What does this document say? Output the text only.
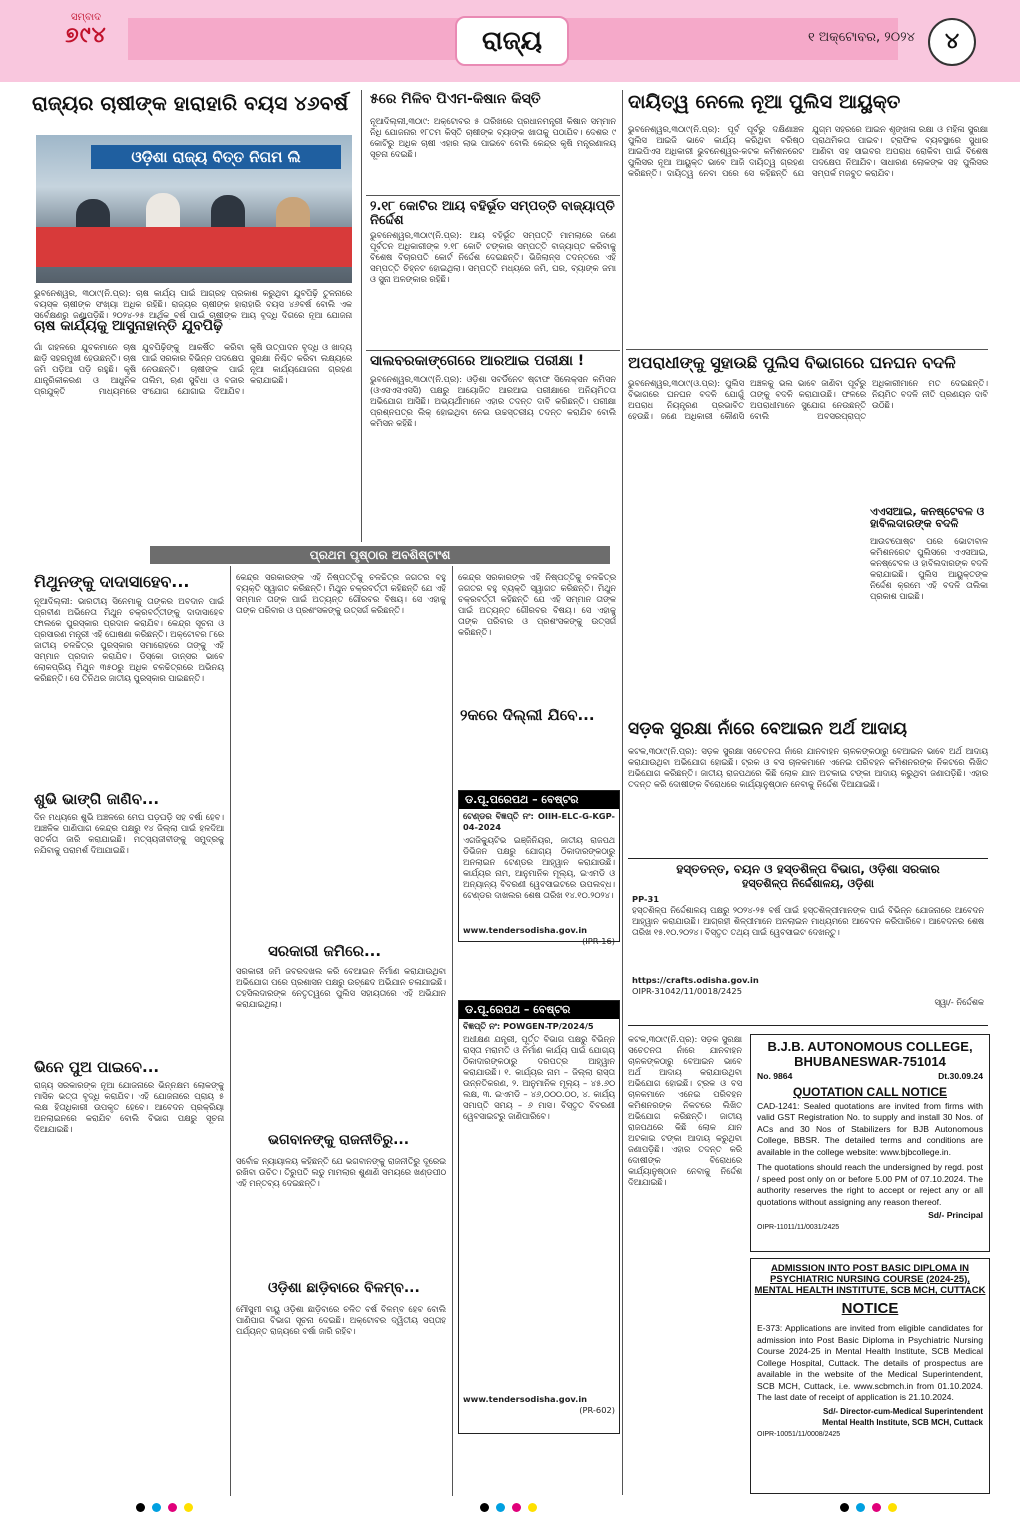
ସମ୍ବାଦ
୭୯୪	ରାଜ୍ୟ	୧ ଅକ୍ଟୋବର, ୨୦୨୪	୪
ରାଜ୍ୟର ଚାଷୀଙ୍କ ହାରାହାରି ବୟସ ୪୬ବର୍ଷ
ଓଡ଼ିଶା ରାଜ୍ୟ ବିତ୍ତ ନିଗମ ଲି
ଭୁବନେଶ୍ୱର, ୩୦ା୯(ନି.ପ୍ର): ଚାଷ କାର୍ଯ୍ୟ ପାଇଁ ଆଗ୍ରହ ପ୍ରକାଶ କରୁଥିବା ଯୁବପିଢ଼ି ତୁଳନାରେ ବୟସ୍କ ଚାଷୀଙ୍କ ସଂଖ୍ୟା ଅଧିକ ରହିଛି। ରାଜ୍ୟର ଚାଷୀଙ୍କ ହାରାହାରି ବୟସ ୪୬ବର୍ଷ ବୋଲି ଏକ ସର୍ବେକ୍ଷଣରୁ ଜଣାପଡ଼ିଛି। ୨୦୨୪-୨୫ ଆର୍ଥିକ ବର୍ଷ ପାଇଁ ଚାଷୀଙ୍କ ଆୟ ବୃଦ୍ଧି ଦିଗରେ ନୂଆ ଯୋଜନା
ଚାଷ କାର୍ଯ୍ୟକୁ ଆସୁନାହାନ୍ତି ଯୁବପିଢ଼ି
ଗାଁ ଗହଳରେ ଯୁବକମାନେ ଚାଷ ଛାଡ଼ି ସହରମୁଖୀ ହେଉଛନ୍ତି। ଚାଷ ଜମି ପଡ଼ିଆ ପଡ଼ି ରହୁଛି। କୃଷି ଯାନ୍ତ୍ରିକୀକରଣ ଓ ଆଧୁନିକ ପ୍ରଯୁକ୍ତି ମାଧ୍ୟମରେ ଯୁବପିଢ଼ିଙ୍କୁ ଆକର୍ଷିତ କରିବା ପାଇଁ ସରକାର ବିଭିନ୍ନ ପଦକ୍ଷେପ ନେଉଛନ୍ତି। ଚାଷୀଙ୍କ ପାଇଁ ତାଲିମ, ଋଣ ସୁବିଧା ଓ ବଜାର ସଂଯୋଗ ଯୋଗାଇ ଦିଆଯିବ। କୃଷି ଉତ୍ପାଦନ ବୃଦ୍ଧି ଓ ଖାଦ୍ୟ ସୁରକ୍ଷା ନିଶ୍ଚିତ କରିବା ଲକ୍ଷ୍ୟରେ ନୂଆ କାର୍ଯ୍ୟଯୋଜନା ଗ୍ରହଣ କରାଯାଇଛି।
୫ରେ ମିଳିବ ପିଏମ-କିଷାନ କିସ୍ତି
ନୂଆଦିଲ୍ଲୀ,୩୦ା୯: ଅକ୍ଟୋବର ୫ ତାରିଖରେ ପ୍ରଧାନମନ୍ତ୍ରୀ କିଷାନ ସମ୍ମାନ ନିଧି ଯୋଜନାର ୧୮ତମ କିସ୍ତି ଚାଷୀଙ୍କ ବ୍ୟାଙ୍କ ଖାତାକୁ ପଠାଯିବ। ଦେଶର ୯ କୋଟିରୁ ଅଧିକ ଚାଷୀ ଏହାର ଲାଭ ପାଇବେ ବୋଲି କେନ୍ଦ୍ର କୃଷି ମନ୍ତ୍ରଣାଳୟ ସୂଚନା ଦେଇଛି।
୨.୧୮ କୋଟିର ଆୟ ବହିର୍ଭୂତ ସମ୍ପତ୍ତି ବାଜ୍ୟାପ୍ତି ନିର୍ଦ୍ଦେଶ
ଭୁବନେଶ୍ୱର,୩୦ା୯(ନି.ପ୍ର): ଆୟ ବହିର୍ଭୂତ ସମ୍ପତ୍ତି ମାମଲାରେ ଜଣେ ପୂର୍ବତନ ଅଧିକାରୀଙ୍କ ୨.୧୮ କୋଟି ଟଙ୍କାର ସମ୍ପତ୍ତି ବାଜ୍ୟାପ୍ତ କରିବାକୁ ବିଶେଷ ବିଚାରପତି କୋର୍ଟ ନିର୍ଦ୍ଦେଶ ଦେଇଛନ୍ତି। ଭିଜିଲାନ୍ସ ତଦନ୍ତରେ ଏହି ସମ୍ପତ୍ତି ଚିହ୍ନଟ ହୋଇଥିଲା। ସମ୍ପତ୍ତି ମଧ୍ୟରେ ଜମି, ଘର, ବ୍ୟାଙ୍କ ଜମା ଓ ସୁନା ଅଳଙ୍କାର ରହିଛି।
ସାଲବରକାଙ୍ଗେରେ ଆରଆଇ ପରୀକ୍ଷା !
ଭୁବନେଶ୍ୱର,୩୦ା୯(ନି.ପ୍ର): ଓଡ଼ିଶା ସବର୍ଡିନେଟ ଷ୍ଟାଫ ସିଲେକ୍ସନ କମିସନ (ଓଏସଏସଏସସି) ପକ୍ଷରୁ ଆୟୋଜିତ ଆରଆଇ ପରୀକ୍ଷାରେ ଅନିୟମିତତା ଅଭିଯୋଗ ଆସିଛି। ଅଭ୍ୟର୍ଥୀମାନେ ଏହାର ତଦନ୍ତ ଦାବି କରିଛନ୍ତି। ପରୀକ୍ଷା ପ୍ରଶ୍ନପତ୍ର ଲିକ୍ ହୋଇଥିବା ନେଇ ଉଚ୍ଚସ୍ତରୀୟ ତଦନ୍ତ କରାଯିବ ବୋଲି କମିସନ କହିଛି।
ଦାୟିତ୍ୱ ନେଲେ ନୂଆ ପୁଲିସ ଆୟୁକ୍ତ
ଭୁବନେଶ୍ୱର,୩୦ା୯(ନି.ପ୍ର): ପୂର୍ବ ପୂର୍ବରୁ ଦକ୍ଷିଣାଞ୍ଚଳ ପୁଲିସ ଆଇଜି ଭାବେ କାର୍ଯ୍ୟ କରିଥିବା ବରିଷ୍ଠ ଆଇପିଏସ ଅଧିକାରୀ ଭୁବନେଶ୍ୱର-କଟକ କମିଶନରେଟ ପୁଲିସର ନୂଆ ଆୟୁକ୍ତ ଭାବେ ଆଜି ଦାୟିତ୍ୱ ଗ୍ରହଣ କରିଛନ୍ତି। ଦାୟିତ୍ୱ ନେବା ପରେ ସେ କହିଛନ୍ତି ଯେ ଯୁଗ୍ମ ସହରରେ ଆଇନ ଶୃଙ୍ଖଳା ରକ୍ଷା ଓ ମହିଳା ସୁରକ୍ଷା ପ୍ରାଥମିକତା ପାଇବ। ଟ୍ରାଫିକ ବ୍ୟବସ୍ଥାରେ ସୁଧାର ଆଣିବା ସହ ସାଇବର ଅପରାଧ ରୋକିବା ପାଇଁ ବିଶେଷ ପଦକ୍ଷେପ ନିଆଯିବ। ସାଧାରଣ ଲୋକଙ୍କ ସହ ପୁଲିସର ସମ୍ପର୍କ ମଜବୁତ କରାଯିବ।
ଅପରାଧୀଙ୍କୁ ସୁହାଉଛି ପୁଲିସ ବିଭାଗରେ ଘନଘନ ବଦଳି
ଭୁବନେଶ୍ୱର,୩୦ା୯(ଓ.ପ୍ର): ପୁଲିସ ବିଭାଗରେ ଘନଘନ ବଦଳି ଯୋଗୁଁ ଅପରାଧ ନିୟନ୍ତ୍ରଣ ପ୍ରଭାବିତ ହେଉଛି। ଜଣେ ଅଧିକାରୀ କୌଣସି ଅଞ୍ଚଳକୁ ଭଲ ଭାବେ ଜାଣିବା ପୂର୍ବରୁ ତାଙ୍କୁ ବଦଳି କରାଯାଉଛି। ଫଳରେ ଅପରାଧୀମାନେ ସୁଯୋଗ ନେଉଛନ୍ତି ବୋଲି ଅବସରପ୍ରାପ୍ତ ଅଧିକାରୀମାନେ ମତ ଦେଇଛନ୍ତି। ନିୟମିତ ବଦଳି ନୀତି ପ୍ରଣୟନ ଦାବି ଉଠିଛି।
ଏଏସଆଇ, କନଷ୍ଟେବଳ ଓ ହାବିଲଦାରଙ୍କ ବଦଳି
ଆଉଟପୋଷ୍ଟ ପରେ ଭୋଟାବାଳ କମିଶନରେଟ ପୁଲିସରେ ଏଏସଆଇ, କନଷ୍ଟେବଳ ଓ ହାବିଲଦାରଙ୍କ ବଦଳି କରାଯାଇଛି। ପୁଲିସ ଆୟୁକ୍ତଙ୍କ ନିର୍ଦ୍ଦେଶ କ୍ରମେ ଏହି ବଦଳି ତାଲିକା ପ୍ରକାଶ ପାଇଛି।
ପ୍ରଥମ ପୃଷ୍ଠାର ଅବଶିଷ୍ଟାଂଶ
ମିଥୁନଙ୍କୁ ଦାଦାସାହେବ...
ନୂଆଦିଲ୍ଲୀ: ଭାରତୀୟ ସିନେମାକୁ ତାଙ୍କର ଅବଦାନ ପାଇଁ ପ୍ରବୀଣ ଅଭିନେତା ମିଥୁନ ଚକ୍ରବର୍ତ୍ତୀଙ୍କୁ ଦାଦାସାହେବ ଫାଲକେ ପୁରସ୍କାର ପ୍ରଦାନ କରାଯିବ। କେନ୍ଦ୍ର ସୂଚନା ଓ ପ୍ରସାରଣ ମନ୍ତ୍ରୀ ଏହି ଘୋଷଣା କରିଛନ୍ତି। ଅକ୍ଟୋବର ୮ରେ ଜାତୀୟ ଚଳଚ୍ଚିତ୍ର ପୁରସ୍କାର ସମାରୋହରେ ତାଙ୍କୁ ଏହି ସମ୍ମାନ ପ୍ରଦାନ କରାଯିବ। ଡିସ୍କୋ ଡାନ୍ସର ଭାବେ ଲୋକପ୍ରିୟ ମିଥୁନ ୩୫୦ରୁ ଅଧିକ ଚଳଚ୍ଚିତ୍ରରେ ଅଭିନୟ କରିଛନ୍ତି। ସେ ତିନିଥର ଜାତୀୟ ପୁରସ୍କାର ପାଇଛନ୍ତି।
ଶୁଭି ଭାଙ୍ଗି ଜାଣିବ...
ଦିନ ମଧ୍ୟରେ ଶୁଭି ଅଞ୍ଚଳରେ ମେଘ ଘଡ଼ଘଡ଼ି ସହ ବର୍ଷା ହେବ। ଆଞ୍ଚଳିକ ପାଣିପାଗ କେନ୍ଦ୍ର ପକ୍ଷରୁ ୧୪ ଜିଲ୍ଲା ପାଇଁ ହଳଦିଆ ସତର୍କତା ଜାରି କରାଯାଇଛି। ମତ୍ସ୍ୟଜୀବୀଙ୍କୁ ସମୁଦ୍ରକୁ ନଯିବାକୁ ପରାମର୍ଶ ଦିଆଯାଇଛି।
ଭିନେ ପୁଅ ପାଇବେ...
ରାଜ୍ୟ ସରକାରଙ୍କ ନୂଆ ଯୋଜନାରେ ଭିନ୍ନକ୍ଷମ ଲୋକଙ୍କୁ ମାସିକ ଭତ୍ତା ବୃଦ୍ଧି କରାଯିବ। ଏହି ଯୋଜନାରେ ପ୍ରାୟ ୫ ଲକ୍ଷ ହିତାଧିକାରୀ ଉପକୃତ ହେବେ। ଆବେଦନ ପ୍ରକ୍ରିୟା ଅନଲାଇନରେ କରାଯିବ ବୋଲି ବିଭାଗ ପକ୍ଷରୁ ସୂଚନା ଦିଆଯାଇଛି।
କେନ୍ଦ୍ର ସରକାରଙ୍କ ଏହି ନିଷ୍ପତ୍ତିକୁ ଚଳଚ୍ଚିତ୍ର ଜଗତର ବହୁ ବ୍ୟକ୍ତି ସ୍ୱାଗତ କରିଛନ୍ତି। ମିଥୁନ ଚକ୍ରବର୍ତ୍ତୀ କହିଛନ୍ତି ଯେ ଏହି ସମ୍ମାନ ତାଙ୍କ ପାଇଁ ଅତ୍ୟନ୍ତ ଗୌରବର ବିଷୟ। ସେ ଏହାକୁ ତାଙ୍କ ପରିବାର ଓ ପ୍ରଶଂସକଙ୍କୁ ଉତ୍ସର୍ଗ କରିଛନ୍ତି।
ସରକାରୀ ଜମିରେ...
ସରକାରୀ ଜମି ଜବରଦଖଲ କରି ବେଆଇନ ନିର୍ମାଣ କରାଯାଉଥିବା ଅଭିଯୋଗ ପରେ ପ୍ରଶାସନ ପକ୍ଷରୁ ଉଚ୍ଛେଦ ଅଭିଯାନ ଚଳାଯାଇଛି। ତହସିଲଦାରଙ୍କ ନେତୃତ୍ୱରେ ପୁଲିସ ସହାୟତାରେ ଏହି ଅଭିଯାନ କରାଯାଇଥିଲା।
କେନ୍ଦ୍ର ସରକାରଙ୍କ ଏହି ନିଷ୍ପତ୍ତିକୁ ଚଳଚ୍ଚିତ୍ର ଜଗତର ବହୁ ବ୍ୟକ୍ତି ସ୍ୱାଗତ କରିଛନ୍ତି। ମିଥୁନ ଚକ୍ରବର୍ତ୍ତୀ କହିଛନ୍ତି ଯେ ଏହି ସମ୍ମାନ ତାଙ୍କ ପାଇଁ ଅତ୍ୟନ୍ତ ଗୌରବର ବିଷୟ। ସେ ଏହାକୁ ତାଙ୍କ ପରିବାର ଓ ପ୍ରଶଂସକଙ୍କୁ ଉତ୍ସର୍ଗ କରିଛନ୍ତି।
୨କରେ ଦିଲ୍ଲୀ ଯିବେ...
ଡ.ପୂ.ପରେପଥ – ବେଷ୍ଟର
ଟେଣ୍ଡର ବିଜ୍ଞପ୍ତି ନଂ: OIIH-ELC-G-KGP-04-2024
ଏଗଜିକ୍ୟୁଟିଭ ଇଞ୍ଜିନିୟର, ଜାତୀୟ ରାଜପଥ ଡିଭିଜନ ପକ୍ଷରୁ ଯୋଗ୍ୟ ଠିକାଦାରଙ୍କଠାରୁ ଅନଲାଇନ ଟେଣ୍ଡର ଆହ୍ୱାନ କରାଯାଉଛି। କାର୍ଯ୍ୟର ନାମ, ଆନୁମାନିକ ମୂଲ୍ୟ, ଇଏମଡି ଓ ଅନ୍ୟାନ୍ୟ ବିବରଣୀ ୱେବସାଇଟରେ ଉପଲବ୍ଧ। ଟେଣ୍ଡର ଦାଖଲର ଶେଷ ତାରିଖ ୧୪.୧୦.୨୦୨୪।
www.tendersodisha.gov.in
(IPR-16)
ଡ.ପୂ.ରେପଥ – ବେଷ୍ଟର
ବିଜ୍ଞପ୍ତି ନଂ: POWGEN-TP/2024/5
ଅଧୀକ୍ଷଣ ଯନ୍ତ୍ରୀ, ପୂର୍ତ୍ତ ବିଭାଗ ପକ୍ଷରୁ ବିଭିନ୍ନ ରାସ୍ତା ମରାମତି ଓ ନିର୍ମାଣ କାର୍ଯ୍ୟ ପାଇଁ ଯୋଗ୍ୟ ଠିକାଦାରଙ୍କଠାରୁ ଦରପତ୍ର ଆହ୍ୱାନ କରାଯାଉଛି। ୧. କାର୍ଯ୍ୟର ନାମ – ଜିଲ୍ଲା ରାସ୍ତା ଉନ୍ନତିକରଣ, ୨. ଆନୁମାନିକ ମୂଲ୍ୟ – ୪୫.୬୦ ଲକ୍ଷ, ୩. ଇଏମଡି – ୪୬,୦୦୦.୦୦, ୪. କାର୍ଯ୍ୟ ସମାପ୍ତି ସମୟ – ୬ ମାସ। ବିସ୍ତୃତ ବିବରଣୀ ୱେବସାଇଟରୁ ଜାଣିପାରିବେ।
www.tendersodisha.gov.in
(PR-602)
ଭଗବାନଙ୍କୁ ରାଜନୀତିରୁ...
ସର୍ବୋଚ୍ଚ ନ୍ୟାୟାଳୟ କହିଛନ୍ତି ଯେ ଭଗବାନଙ୍କୁ ରାଜନୀତିରୁ ଦୂରେଇ ରଖିବା ଉଚିତ। ତିରୁପତି ଲଡୁ ମାମଲାର ଶୁଣାଣି ସମୟରେ ଖଣ୍ଡପୀଠ ଏହି ମନ୍ତବ୍ୟ ଦେଇଛନ୍ତି।
ଓଡ଼ିଶା ଛାଡ଼ିବାରେ ବିଳମ୍ବ...
ମୌସୁମୀ ବାୟୁ ଓଡ଼ିଶା ଛାଡ଼ିବାରେ ଚଳିତ ବର୍ଷ ବିଳମ୍ବ ହେବ ବୋଲି ପାଣିପାଗ ବିଭାଗ ସୂଚନା ଦେଇଛି। ଅକ୍ଟୋବର ଦ୍ୱିତୀୟ ସପ୍ତାହ ପର୍ଯ୍ୟନ୍ତ ରାଜ୍ୟରେ ବର୍ଷା ଜାରି ରହିବ।
ସଡ଼କ ସୁରକ୍ଷା ନାଁରେ ବେଆଇନ ଅର୍ଥ ଆଦାୟ
କଟକ,୩୦ା୯(ନି.ପ୍ର): ସଡ଼କ ସୁରକ୍ଷା ସଚେତନତା ନାଁରେ ଯାନବାହନ ଚାଳକଙ୍କଠାରୁ ବେଆଇନ ଭାବେ ଅର୍ଥ ଆଦାୟ କରାଯାଉଥିବା ଅଭିଯୋଗ ହୋଇଛି। ଟ୍ରକ ଓ ବସ ଚାଳକମାନେ ଏନେଇ ପରିବହନ କମିଶନରଙ୍କ ନିକଟରେ ଲିଖିତ ଅଭିଯୋଗ କରିଛନ୍ତି। ଜାତୀୟ ରାଜପଥରେ କିଛି ଲୋକ ଯାନ ଅଟକାଇ ଟଙ୍କା ଆଦାୟ କରୁଥିବା ଜଣାପଡ଼ିଛି। ଏହାର ତଦନ୍ତ କରି ଦୋଷୀଙ୍କ ବିରୋଧରେ କାର୍ଯ୍ୟାନୁଷ୍ଠାନ ନେବାକୁ ନିର୍ଦ୍ଦେଶ ଦିଆଯାଇଛି।
ହସ୍ତତନ୍ତ, ବୟନ ଓ ହସ୍ତଶିଳ୍ପ ବିଭାଗ, ଓଡ଼ିଶା ସରକାର
ହସ୍ତଶିଳ୍ପ ନିର୍ଦ୍ଦେଶାଳୟ, ଓଡ଼ିଶା
PP-31
ହସ୍ତଶିଳ୍ପ ନିର୍ଦ୍ଦେଶାଳୟ ପକ୍ଷରୁ ୨୦୨୪-୨୫ ବର୍ଷ ପାଇଁ ହସ୍ତଶିଳ୍ପୀମାନଙ୍କ ପାଇଁ ବିଭିନ୍ନ ଯୋଜନାରେ ଆବେଦନ ଆହ୍ୱାନ କରାଯାଉଛି। ଆଗ୍ରହୀ ଶିଳ୍ପୀମାନେ ଅନଲାଇନ ମାଧ୍ୟମରେ ଆବେଦନ କରିପାରିବେ। ଆବେଦନର ଶେଷ ତାରିଖ ୧୫.୧୦.୨୦୨୪। ବିସ୍ତୃତ ତଥ୍ୟ ପାଇଁ ୱେବସାଇଟ ଦେଖନ୍ତୁ।
https://crafts.odisha.gov.in
OIPR-31042/11/0018/2425
ସ୍ୱା/- ନିର୍ଦ୍ଦେଶକ
B.J.B. AUTONOMOUS COLLEGE,
BHUBANESWAR-751014
No. 9864	Dt.30.09.24
QUOTATION CALL NOTICE
CAD-1241: Sealed quotations are invited from firms with valid GST Registration No. to supply and install 30 Nos. of ACs and 30 Nos of Stabilizers for BJB Autonomous College, BBSR. The detailed terms and conditions are available in the college website: www.bjbcollege.in.
The quotations should reach the undersigned by regd. post / speed post only on or before 5.00 PM of 07.10.2024. The authority reserves the right to accept or reject any or all quotations without assigning any reason thereof.
Sd/- Principal
OIPR-11011/11/0031/2425
ADMISSION INTO POST BASIC DIPLOMA IN
PSYCHIATRIC NURSING COURSE (2024-25),
MENTAL HEALTH INSTITUTE, SCB MCH, CUTTACK
NOTICE
E-373: Applications are invited from eligible candidates for admission into Post Basic Diploma in Psychiatric Nursing Course 2024-25 in Mental Health Institute, SCB Medical College Hospital, Cuttack. The details of prospectus are available in the website of the Medical Superintendent, SCB MCH, Cuttack, i.e. www.scbmch.in from 01.10.2024. The last date of receipt of application is 21.10.2024.
Sd/- Director-cum-Medical Superintendent
Mental Health Institute, SCB MCH, Cuttack
OIPR-10051/11/0008/2425
କଟକ,୩୦ା୯(ନି.ପ୍ର): ସଡ଼କ ସୁରକ୍ଷା ସଚେତନତା ନାଁରେ ଯାନବାହନ ଚାଳକଙ୍କଠାରୁ ବେଆଇନ ଭାବେ ଅର୍ଥ ଆଦାୟ କରାଯାଉଥିବା ଅଭିଯୋଗ ହୋଇଛି। ଟ୍ରକ ଓ ବସ ଚାଳକମାନେ ଏନେଇ ପରିବହନ କମିଶନରଙ୍କ ନିକଟରେ ଲିଖିତ ଅଭିଯୋଗ କରିଛନ୍ତି। ଜାତୀୟ ରାଜପଥରେ କିଛି ଲୋକ ଯାନ ଅଟକାଇ ଟଙ୍କା ଆଦାୟ କରୁଥିବା ଜଣାପଡ଼ିଛି। ଏହାର ତଦନ୍ତ କରି ଦୋଷୀଙ୍କ ବିରୋଧରେ କାର୍ଯ୍ୟାନୁଷ୍ଠାନ ନେବାକୁ ନିର୍ଦ୍ଦେଶ ଦିଆଯାଇଛି।
